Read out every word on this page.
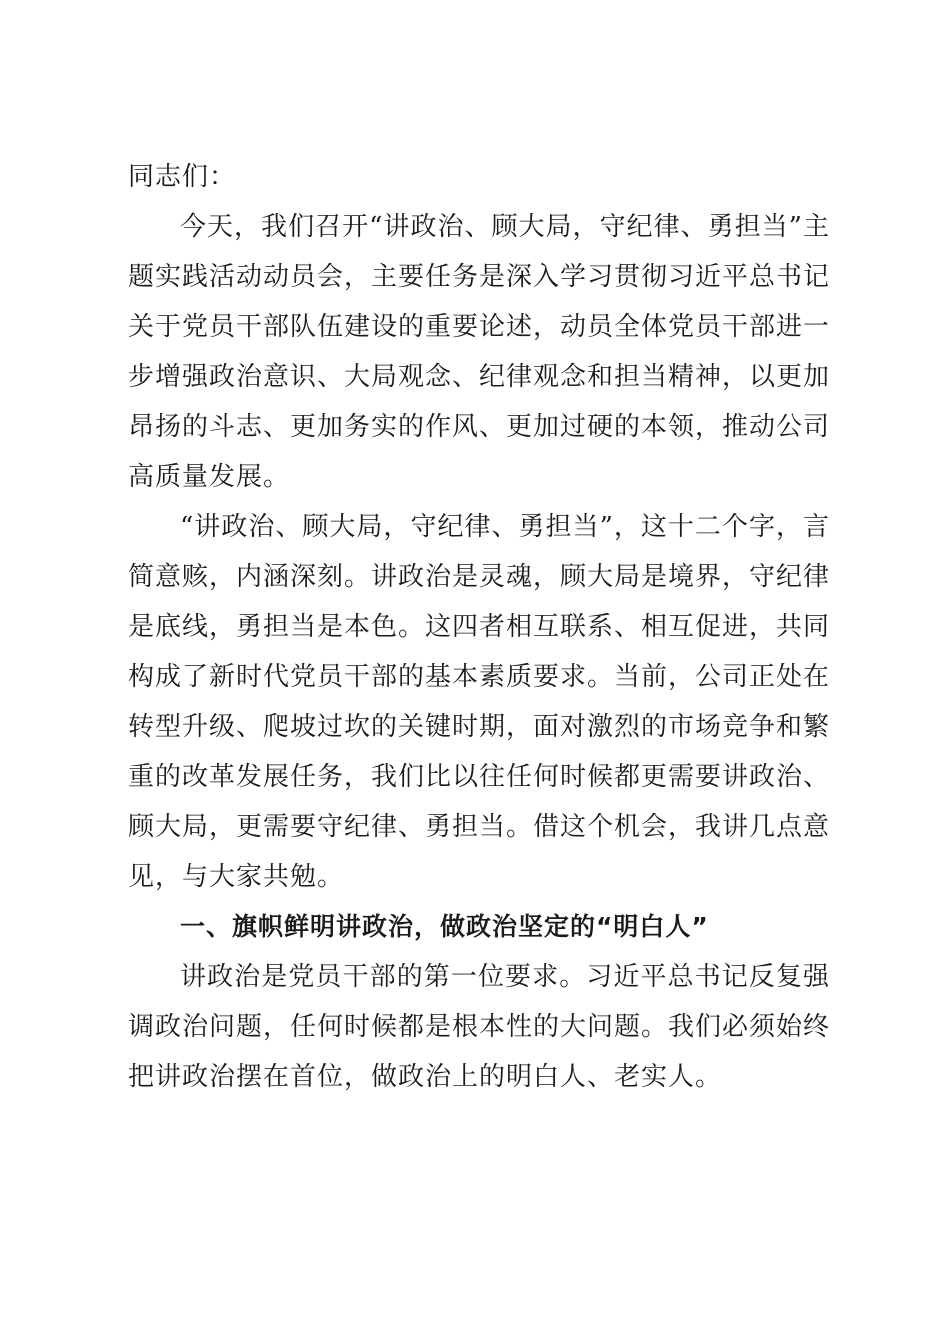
同志们：

今天，我们召开“讲政治、顾大局，守纪律、勇担当”主题实践活动动员会，主要任务是深入学习贯彻习近平总书记关于党员干部队伍建设的重要论述，动员全体党员干部进一步增强政治意识、大局观念、纪律观念和担当精神，以更加昂扬的斗志、更加务实的作风、更加过硬的本领，推动公司高质量发展。

“讲政治、顾大局，守纪律、勇担当”，这十二个字，言简意赅，内涵深刻。讲政治是灵魂，顾大局是境界，守纪律是底线，勇担当是本色。这四者相互联系、相互促进，共同构成了新时代党员干部的基本素质要求。当前，公司正处在转型升级、爬坡过坎的关键时期，面对激烈的市场竞争和繁重的改革发展任务，我们比以往任何时候都更需要讲政治、顾大局，更需要守纪律、勇担当。借这个机会，我讲几点意见，与大家共勉。

一、旗帜鲜明讲政治，做政治坚定的“明白人”

讲政治是党员干部的第一位要求。习近平总书记反复强调政治问题，任何时候都是根本性的大问题。我们必须始终把讲政治摆在首位，做政治上的明白人、老实人。
